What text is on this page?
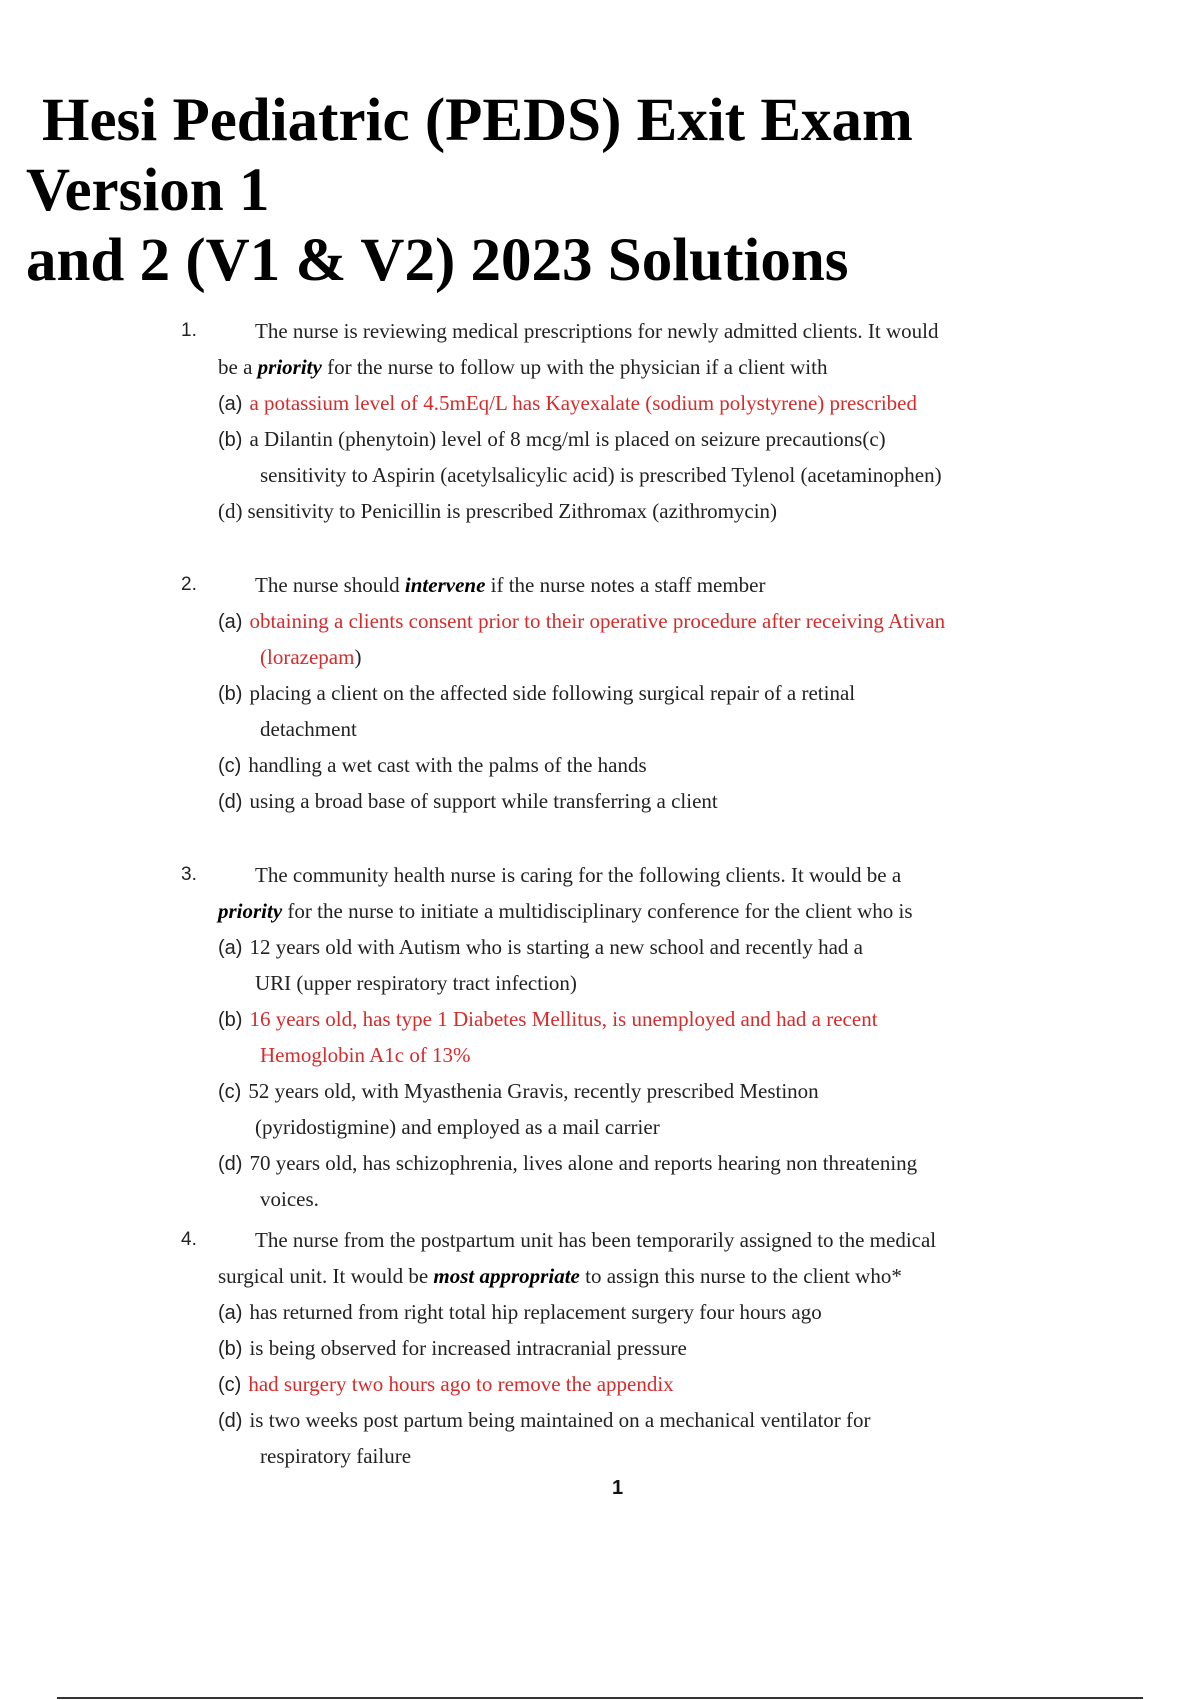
Hesi Pediatric (PEDS) Exit Exam
Version 1
and 2 (V1 & V2) 2023 Solutions
1.	The nurse is reviewing medical prescriptions for newly admitted clients. It would
be a priority for the nurse to follow up with the physician if a client with
(a) a potassium level of 4.5mEq/L has Kayexalate (sodium polystyrene) prescribed
(b) a Dilantin (phenytoin) level of 8 mcg/ml is placed on seizure precautions(c)
sensitivity to Aspirin (acetylsalicylic acid) is prescribed Tylenol (acetaminophen)
(d) sensitivity to Penicillin is prescribed Zithromax (azithromycin)
2.	The nurse should intervene if the nurse notes a staff member
(a) obtaining a clients consent prior to their operative procedure after receiving Ativan
(lorazepam)
(b) placing a client on the affected side following surgical repair of a retinal
detachment
(c) handling a wet cast with the palms of the hands
(d) using a broad base of support while transferring a client
3.	The community health nurse is caring for the following clients. It would be a
priority for the nurse to initiate a multidisciplinary conference for the client who is
(a) 12 years old with Autism who is starting a new school and recently had a
URI (upper respiratory tract infection)
(b) 16 years old, has type 1 Diabetes Mellitus, is unemployed and had a recent
Hemoglobin A1c of 13%
(c) 52 years old, with Myasthenia Gravis, recently prescribed Mestinon
(pyridostigmine) and employed as a mail carrier
(d) 70 years old, has schizophrenia, lives alone and reports hearing non threatening
voices.
4.	The nurse from the postpartum unit has been temporarily assigned to the medical
surgical unit. It would be most appropriate to assign this nurse to the client who*
(a) has returned from right total hip replacement surgery four hours ago
(b) is being observed for increased intracranial pressure
(c) had surgery two hours ago to remove the appendix
(d) is two weeks post partum being maintained on a mechanical ventilator for
respiratory failure
1
